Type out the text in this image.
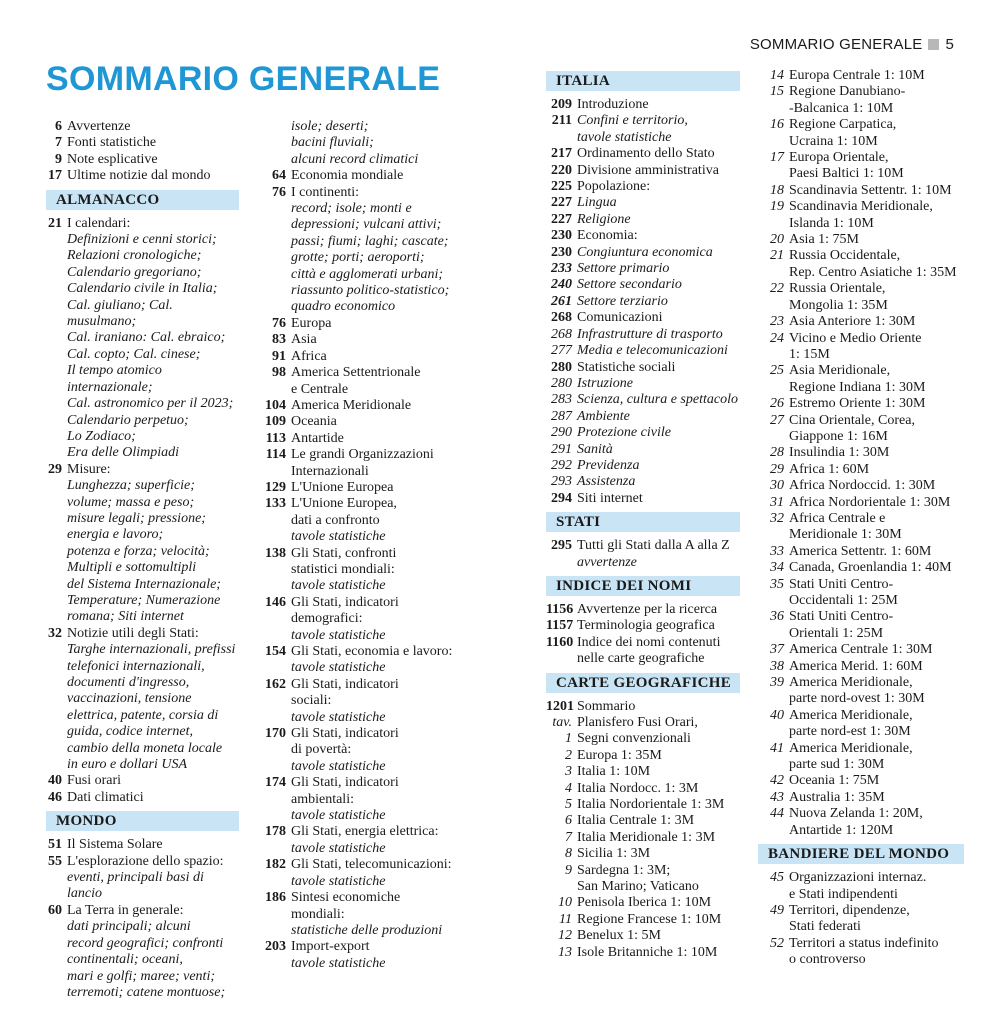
SOMMARIO GENERALE 5
SOMMARIO GENERALE
6 Avvertenze
7 Fonti statistiche
9 Note esplicative
17 Ultime notizie dal mondo
ALMANACCO
21 I calendari:
Definizioni e cenni storici;
Relazioni cronologiche;
Calendario gregoriano;
Calendario civile in Italia;
Cal. giuliano; Cal. musulmano;
Cal. iraniano: Cal. ebraico;
Cal. copto; Cal. cinese;
Il tempo atomico
internazionale;
Cal. astronomico per il 2023;
Calendario perpetuo;
Lo Zodiaco;
Era delle Olimpiadi
29 Misure:
Lunghezza; superficie;
volume; massa e peso;
misure legali; pressione;
energia e lavoro;
potenza e forza; velocità;
Multipli e sottomultipli
del Sistema Internazionale;
Temperature; Numerazione
romana; Siti internet
32 Notizie utili degli Stati:
Targhe internazionali, prefissi
telefonici internazionali,
documenti d'ingresso,
vaccinazioni, tensione
elettrica, patente, corsia di
guida, codice internet,
cambio della moneta locale
in euro e dollari USA
40 Fusi orari
46 Dati climatici
MONDO
51 Il Sistema Solare
55 L'esplorazione dello spazio:
eventi, principali basi di lancio
60 La Terra in generale:
dati principali; alcuni
record geografici; confronti
continentali; oceani,
mari e golfi; maree; venti;
terremoti; catene montuose;
isole; deserti;
bacini fluviali;
alcuni record climatici
64 Economia mondiale
76 I continenti:
record; isole; monti e
depressioni; vulcani attivi;
passi; fiumi; laghi; cascate;
grotte; porti; aeroporti;
città e agglomerati urbani;
riassunto politico-statistico;
quadro economico
76 Europa
83 Asia
91 Africa
98 America Settentrionale
e Centrale
104 America Meridionale
109 Oceania
113 Antartide
114 Le grandi Organizzazioni
Internazionali
129 L'Unione Europea
133 L'Unione Europea,
dati a confronto
tavole statistiche
138 Gli Stati, confronti
statistici mondiali:
tavole statistiche
146 Gli Stati, indicatori
demografici:
tavole statistiche
154 Gli Stati, economia e lavoro:
tavole statistiche
162 Gli Stati, indicatori
sociali:
tavole statistiche
170 Gli Stati, indicatori
di povertà:
tavole statistiche
174 Gli Stati, indicatori
ambientali:
tavole statistiche
178 Gli Stati, energia elettrica:
tavole statistiche
182 Gli Stati, telecomunicazioni:
tavole statistiche
186 Sintesi economiche
mondiali:
statistiche delle produzioni
203 Import-export
tavole statistiche
ITALIA
209 Introduzione
211 Confini e territorio,
tavole statistiche
217 Ordinamento dello Stato
220 Divisione amministrativa
225 Popolazione:
227 Lingua
227 Religione
230 Economia:
230 Congiuntura economica
233 Settore primario
240 Settore secondario
261 Settore terziario
268 Comunicazioni
268 Infrastrutture di trasporto
277 Media e telecomunicazioni
280 Statistiche sociali
280 Istruzione
283 Scienza, cultura e spettacolo
287 Ambiente
290 Protezione civile
291 Sanità
292 Previdenza
293 Assistenza
294 Siti internet
STATI
295 Tutti gli Stati dalla A alla Z
avvertenze
INDICE DEI NOMI
1156 Avvertenze per la ricerca
1157 Terminologia geografica
1160 Indice dei nomi contenuti
nelle carte geografiche
CARTE GEOGRAFICHE
1201 Sommario
tav. 1
Planisfero Fusi Orari,
Segni convenzionali
2 Europa 1: 35M
3 Italia 1: 10M
4 Italia Nordocc. 1: 3M
5 Italia Nordorientale 1: 3M
6 Italia Centrale 1: 3M
7 Italia Meridionale 1: 3M
8 Sicilia 1: 3M
9 Sardegna 1: 3M;
San Marino; Vaticano
10 Penisola Iberica 1: 10M
11 Regione Francese 1: 10M
12 Benelux 1: 5M
13 Isole Britanniche 1: 10M
14 Europa Centrale 1: 10M
15 Regione Danubiano-
-Balcanica 1: 10M
16 Regione Carpatica,
Ucraina 1: 10M
17 Europa Orientale,
Paesi Baltici 1: 10M
18 Scandinavia Settentr. 1: 10M
19 Scandinavia Meridionale,
Islanda 1: 10M
20 Asia 1: 75M
21 Russia Occidentale,
Rep. Centro Asiatiche 1: 35M
22 Russia Orientale,
Mongolia 1: 35M
23 Asia Anteriore 1: 30M
24 Vicino e Medio Oriente
1: 15M
25 Asia Meridionale,
Regione Indiana 1: 30M
26 Estremo Oriente 1: 30M
27 Cina Orientale, Corea,
Giappone 1: 16M
28 Insulindia 1: 30M
29 Africa 1: 60M
30 Africa Nordoccid. 1: 30M
31 Africa Nordorientale 1: 30M
32 Africa Centrale e
Meridionale 1: 30M
33 America Settentr. 1: 60M
34 Canada, Groenlandia 1: 40M
35 Stati Uniti Centro-
Occidentali 1: 25M
36 Stati Uniti Centro-
Orientali 1: 25M
37 America Centrale 1: 30M
38 America Merid. 1: 60M
39 America Meridionale,
parte nord-ovest 1: 30M
40 America Meridionale,
parte nord-est 1: 30M
41 America Meridionale,
parte sud 1: 30M
42 Oceania 1: 75M
43 Australia 1: 35M
44 Nuova Zelanda 1: 20M,
Antartide 1: 120M
BANDIERE DEL MONDO
45 Organizzazioni internaz.
e Stati indipendenti
49 Territori, dipendenze,
Stati federati
52 Territori a status indefinito
o controverso
